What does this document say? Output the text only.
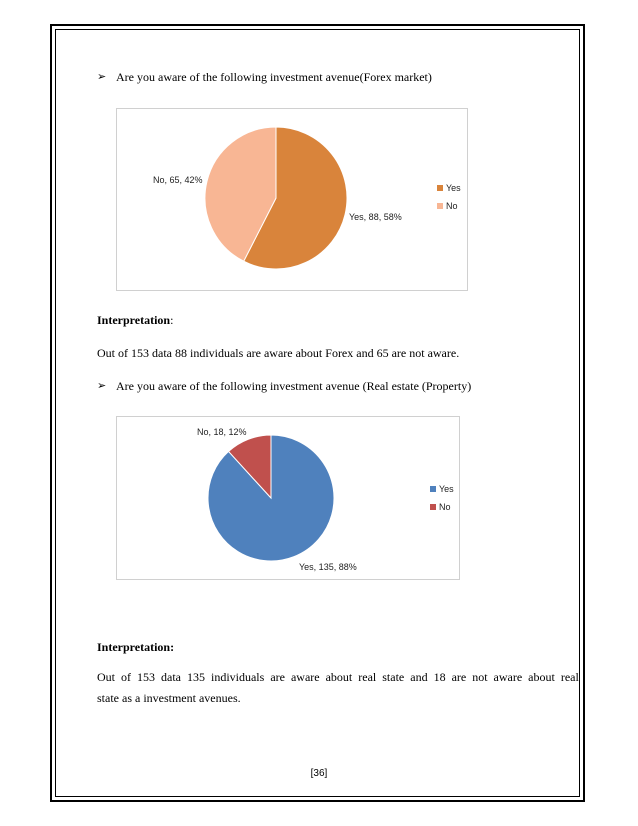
➢ Are you aware of the following investment avenue(Forex market)
Yes, 88, 58%
No, 65, 42%
Yes
No
Interpretation:
Out of 153 data 88 individuals are aware about Forex and 65 are not aware.
➢ Are you aware of the following investment avenue (Real estate (Property)
Yes, 135, 88%
No, 18, 12%
Yes
No
Interpretation:
Out  of  153  data  135  individuals  are  aware  about  real  state  and  18  are  not  aware  about  real
state as a investment avenues.
[36]
